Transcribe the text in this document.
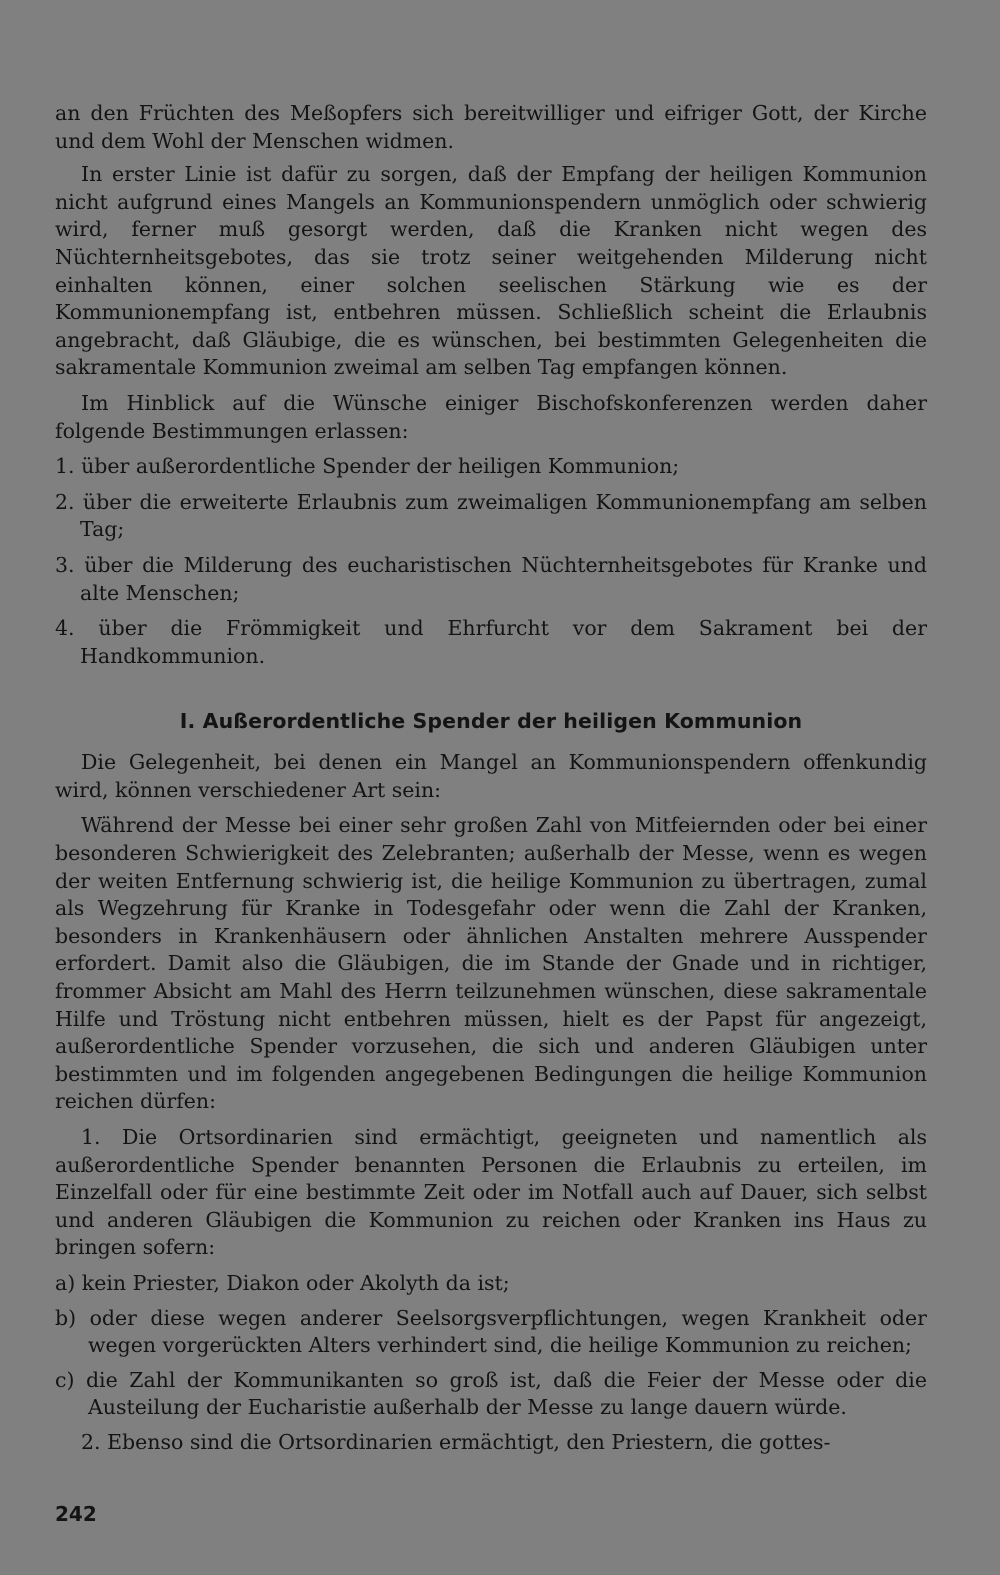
an den Früchten des Meßopfers sich bereitwilliger und eifriger Gott, der Kirche und dem Wohl der Menschen widmen.

In erster Linie ist dafür zu sorgen, daß der Empfang der heiligen Kommunion nicht aufgrund eines Mangels an Kommunionspendern unmöglich oder schwierig wird, ferner muß gesorgt werden, daß die Kranken nicht wegen des Nüchternheitsgebotes, das sie trotz seiner weitgehenden Milderung nicht einhalten können, einer solchen seelischen Stärkung wie es der Kommunionempfang ist, entbehren müssen. Schließlich scheint die Erlaubnis angebracht, daß Gläubige, die es wünschen, bei bestimmten Gelegenheiten die sakramentale Kommunion zweimal am selben Tag empfangen können.

Im Hinblick auf die Wünsche einiger Bischofskonferenzen werden daher folgende Bestimmungen erlassen:

1. über außerordentliche Spender der heiligen Kommunion;
2. über die erweiterte Erlaubnis zum zweimaligen Kommunionempfang am selben Tag;
3. über die Milderung des eucharistischen Nüchternheitsgebotes für Kranke und alte Menschen;
4. über die Frömmigkeit und Ehrfurcht vor dem Sakrament bei der Handkommunion.
I. Außerordentliche Spender der heiligen Kommunion

Die Gelegenheit, bei denen ein Mangel an Kommunionspendern offenkundig wird, können verschiedener Art sein:

Während der Messe bei einer sehr großen Zahl von Mitfeiernden oder bei einer besonderen Schwierigkeit des Zelebranten; außerhalb der Messe, wenn es wegen der weiten Entfernung schwierig ist, die heilige Kommunion zu übertragen, zumal als Wegzehrung für Kranke in Todesgefahr oder wenn die Zahl der Kranken, besonders in Krankenhäusern oder ähnlichen Anstalten mehrere Ausspender erfordert. Damit also die Gläubigen, die im Stande der Gnade und in richtiger, frommer Absicht am Mahl des Herrn teilzunehmen wünschen, diese sakramentale Hilfe und Tröstung nicht entbehren müssen, hielt es der Papst für angezeigt, außerordentliche Spender vorzusehen, die sich und anderen Gläubigen unter bestimmten und im folgenden angegebenen Bedingungen die heilige Kommunion reichen dürfen:

1. Die Ortsordinarien sind ermächtigt, geeigneten und namentlich als außerordentliche Spender benannten Personen die Erlaubnis zu erteilen, im Einzelfall oder für eine bestimmte Zeit oder im Notfall auch auf Dauer, sich selbst und anderen Gläubigen die Kommunion zu reichen oder Kranken ins Haus zu bringen sofern:

a) kein Priester, Diakon oder Akolyth da ist;
b) oder diese wegen anderer Seelsorgsverpflichtungen, wegen Krankheit oder wegen vorgerückten Alters verhindert sind, die heilige Kommunion zu reichen;
c) die Zahl der Kommunikanten so groß ist, daß die Feier der Messe oder die Austeilung der Eucharistie außerhalb der Messe zu lange dauern würde.

2. Ebenso sind die Ortsordinarien ermächtigt, den Priestern, die gottes-

242
